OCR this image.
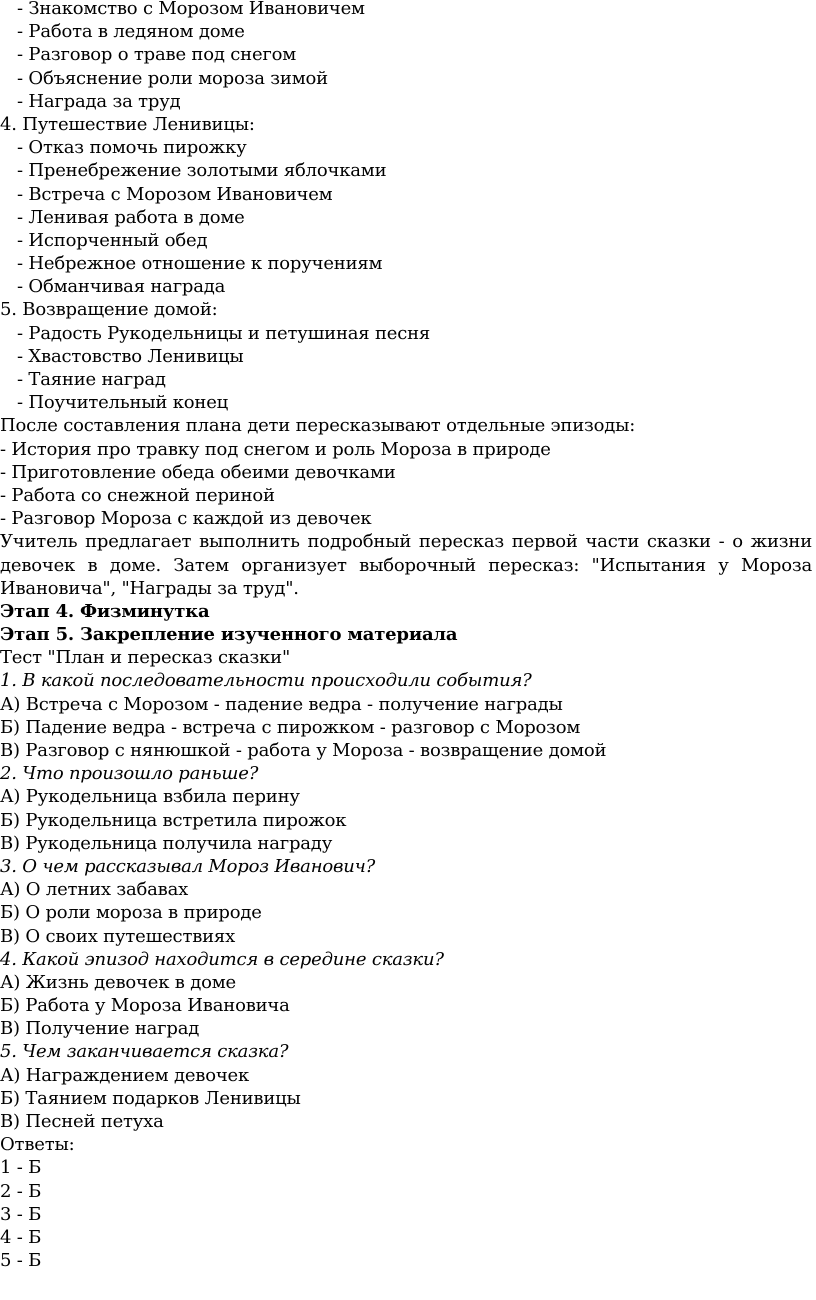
- Знакомство с Морозом Ивановичем

- Работа в ледяном доме

- Разговор о траве под снегом

- Объяснение роли мороза зимой

- Награда за труд

4. Путешествие Ленивицы:

- Отказ помочь пирожку

- Пренебрежение золотыми яблочками

- Встреча с Морозом Ивановичем

- Ленивая работа в доме

- Испорченный обед

- Небрежное отношение к поручениям

- Обманчивая награда

5. Возвращение домой:

- Радость Рукодельницы и петушиная песня

- Хвастовство Ленивицы

- Таяние наград

- Поучительный конец

После составления плана дети пересказывают отдельные эпизоды:

- История про травку под снегом и роль Мороза в природе

- Приготовление обеда обеими девочками

- Работа со снежной периной

- Разговор Мороза с каждой из девочек

Учитель предлагает выполнить подробный пересказ первой части сказки - о жизни девочек в доме. Затем организует выборочный пересказ: "Испытания у Мороза Ивановича", "Награды за труд".

Этап 4. Физминутка

Этап 5. Закрепление изученного материала

Тест "План и пересказ сказки"

1. В какой последовательности происходили события?

А) Встреча с Морозом - падение ведра - получение награды

Б) Падение ведра - встреча с пирожком - разговор с Морозом

В) Разговор с нянюшкой - работа у Мороза - возвращение домой

2. Что произошло раньше?

А) Рукодельница взбила перину

Б) Рукодельница встретила пирожок

В) Рукодельница получила награду

3. О чем рассказывал Мороз Иванович?

А) О летних забавах

Б) О роли мороза в природе

В) О своих путешествиях

4. Какой эпизод находится в середине сказки?

А) Жизнь девочек в доме

Б) Работа у Мороза Ивановича

В) Получение наград

5. Чем заканчивается сказка?

А) Награждением девочек

Б) Таянием подарков Ленивицы

В) Песней петуха

Ответы:

1 - Б

2 - Б

3 - Б

4 - Б

5 - Б
